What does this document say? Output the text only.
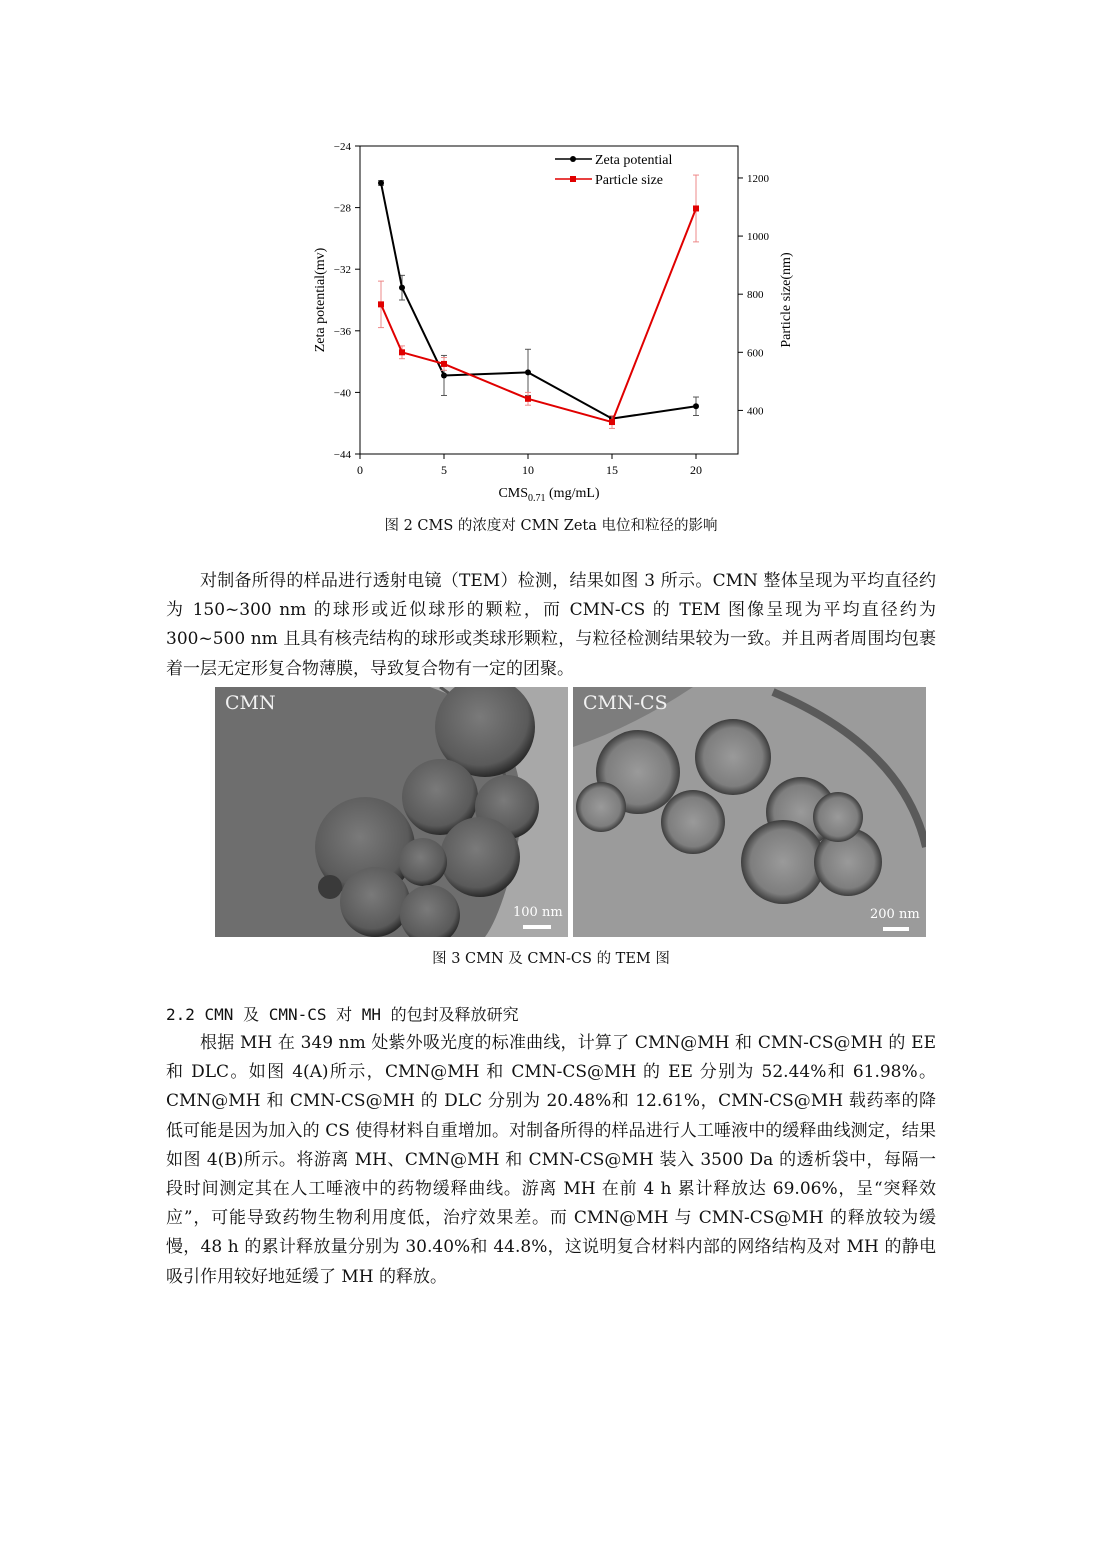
0	5	10	15	20
−24
−28
−32
−36
−40
−44
400
600
800
1000
1200
Zeta potential(mv)	Particle size(nm)
$CMS_{0.71}$ (mg/mL)
Zeta potential
Particle size
图 2 CMS 的浓度对 CMN Zeta 电位和粒径的影响

对制备所得的样品进行透射电镜（TEM）检测，结果如图 3 所示。CMN 整体呈现为平均直径约为 150~300 nm 的球形或近似球形的颗粒，而 CMN-CS 的 TEM 图像呈现为平均直径约为 300~500 nm 且具有核壳结构的球形或类球形颗粒，与粒径检测结果较为一致。并且两者周围均包裹着一层无定形复合物薄膜，导致复合物有一定的团聚。

CMN
100 nm
CMN-CS
200 nm
图 3 CMN 及 CMN-CS 的 TEM 图
2.2 CMN 及 CMN-CS 对 MH 的包封及释放研究

根据 MH 在 349 nm 处紫外吸光度的标准曲线，计算了 CMN@MH 和 CMN-CS@MH 的 EE 和 DLC。如图 4(A)所示，CMN@MH 和 CMN-CS@MH 的 EE 分别为 52.44%和 61.98%。CMN@MH 和 CMN-CS@MH 的 DLC 分别为 20.48%和 12.61%，CMN-CS@MH 载药率的降低可能是因为加入的 CS 使得材料自重增加。对制备所得的样品进行人工唾液中的缓释曲线测定，结果如图 4(B)所示。将游离 MH、CMN@MH 和 CMN-CS@MH 装入 3500 Da 的透析袋中，每隔一段时间测定其在人工唾液中的药物缓释曲线。游离 MH 在前 4 h 累计释放达 69.06%，呈“突释效应”，可能导致药物生物利用度低，治疗效果差。而 CMN@MH 与 CMN-CS@MH 的释放较为缓慢，48 h 的累计释放量分别为 30.40%和 44.8%，这说明复合材料内部的网络结构及对 MH 的静电吸引作用较好地延缓了 MH 的释放。
